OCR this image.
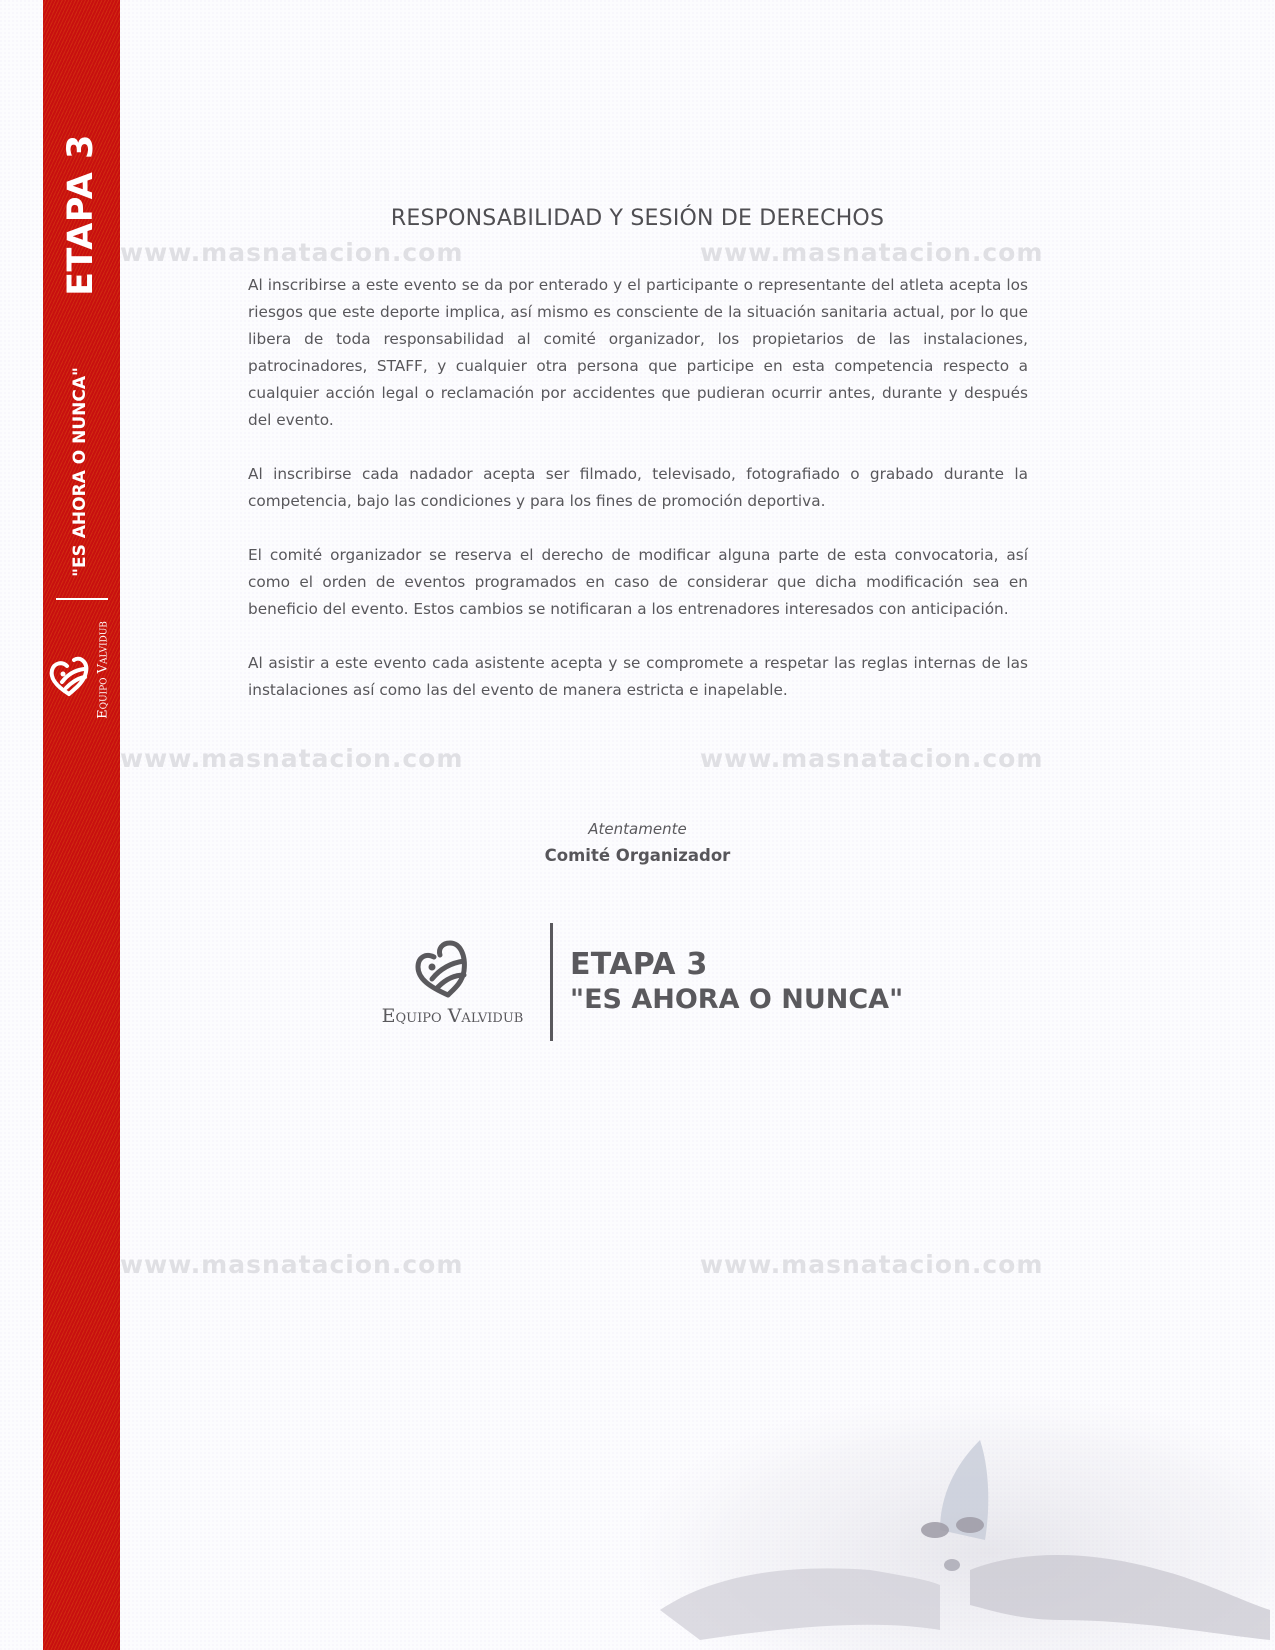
ETAPA 3
"ES AHORA O NUNCA"
Equipo Valvidub
www.masnatacion.com	www.masnatacion.com
www.masnatacion.com	www.masnatacion.com
www.masnatacion.com	www.masnatacion.com
RESPONSABILIDAD Y SESIÓN DE DERECHOS

Al inscribirse a este evento se da por enterado y el participante o representante del atleta acepta los riesgos que este deporte implica, así mismo es consciente de la situación sanitaria actual, por lo que libera de toda responsabilidad al comité organizador, los propietarios de las instalaciones, patrocinadores, STAFF, y cualquier otra persona que participe en esta competencia respecto a cualquier acción legal o reclamación por accidentes que pudieran ocurrir antes, durante y después del evento.

Al inscribirse cada nadador acepta ser filmado, televisado, fotografiado o grabado durante la competencia, bajo las condiciones y para los fines de promoción deportiva.

El comité organizador se reserva el derecho de modificar alguna parte de esta convocatoria, así como el orden de eventos programados en caso de considerar que dicha modificación sea en beneficio del evento. Estos cambios se notificaran a los entrenadores interesados con anticipación.

Al asistir a este evento cada asistente acepta y se compromete a respetar las reglas internas de las instalaciones así como las del evento de manera estricta e inapelable.

Atentamente
Comité Organizador
Equipo Valvidub
ETAPA 3
"ES AHORA O NUNCA"
